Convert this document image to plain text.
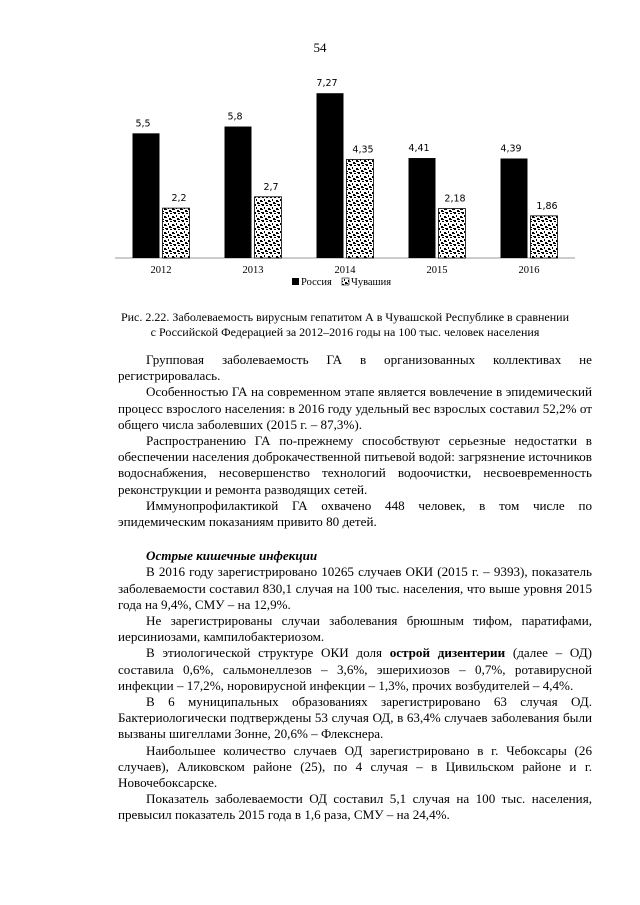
54
5,5
2,2
2012
5,8
2,7
2013
7,27
4,35
2014
4,41
2,18
2015
4,39
1,86
2016
Россия Чувашия
Рис. 2.22. Заболеваемость вирусным гепатитом А в Чувашской Республике в сравнении
с Российской Федерацией за 2012–2016 годы на 100 тыс. человек населения

Групповая заболеваемость ГА в организованных коллективах не регистрировалась.

Особенностью ГА на современном этапе является вовлечение в эпидемический процесс взрослого населения: в 2016 году удельный вес взрослых составил 52,2% от общего числа заболевших (2015 г. – 87,3%).

Распространению ГА по-прежнему способствуют серьезные недостатки в обеспечении населения доброкачественной питьевой водой: загрязнение источников водоснабжения, несовершенство технологий водоочистки, несвоевременность реконструкции и ремонта разводящих сетей.

Иммунопрофилактикой ГА охвачено 448 человек, в том числе по эпидемическим показаниям привито 80 детей.

Острые кишечные инфекции

В 2016 году зарегистрировано 10265 случаев ОКИ (2015 г. – 9393), показатель заболеваемости составил 830,1 случая на 100 тыс. населения, что выше уровня 2015 года на 9,4%, СМУ – на 12,9%.

Не зарегистрированы случаи заболевания брюшным тифом, паратифами, иерсиниозами, кампилобактериозом.

В этиологической структуре ОКИ доля острой дизентерии (далее – ОД) составила 0,6%, сальмонеллезов – 3,6%, эшерихиозов – 0,7%, ротавирусной инфекции – 17,2%, норовирусной инфекции – 1,3%, прочих возбудителей – 4,4%.

В 6 муниципальных образованиях зарегистрировано 63 случая ОД. Бактериологически подтверждены 53 случая ОД, в 63,4% случаев заболевания были вызваны шигеллами Зонне, 20,6% – Флекснера.

Наибольшее количество случаев ОД зарегистрировано в г. Чебоксары (26 случаев), Аликовском районе (25), по 4 случая – в Цивильском районе и г. Новочебоксарске.

Показатель заболеваемости ОД составил 5,1 случая на 100 тыс. населения, превысил показатель 2015 года в 1,6 раза, СМУ – на 24,4%.
